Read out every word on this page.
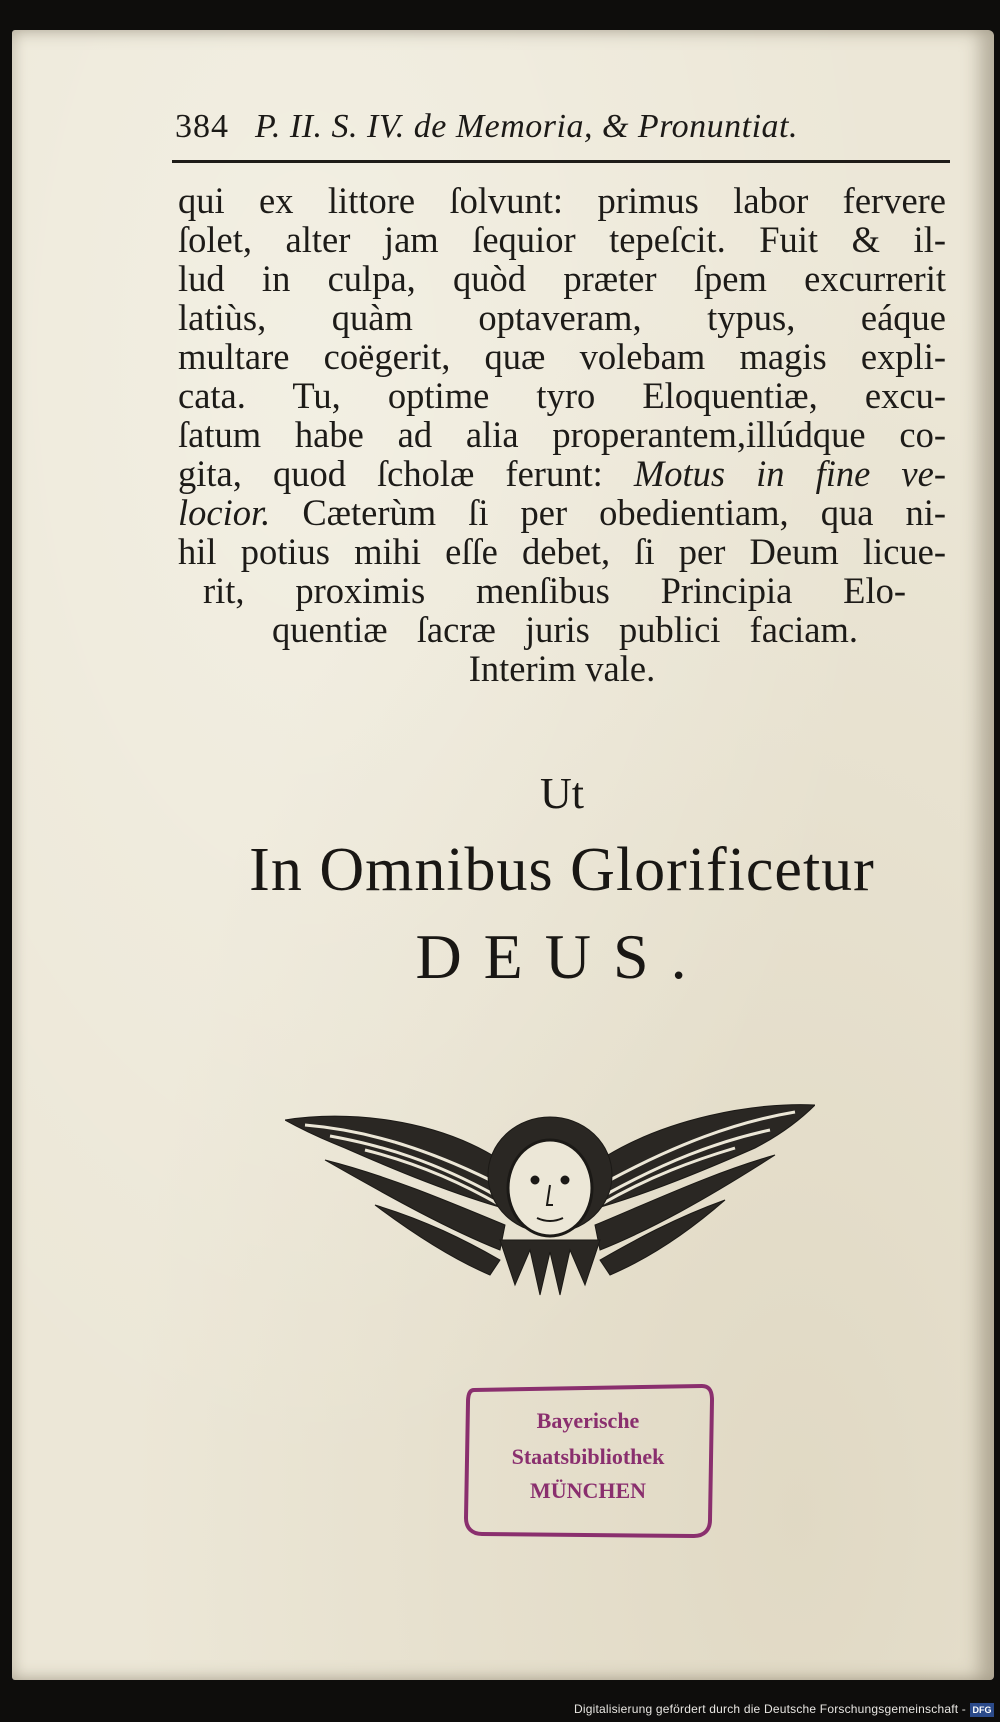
384 P. II. S. IV. de Memoria, & Pronuntiat.
qui ex littore ſolvunt: primus labor fervere
ſolet, alter jam ſequior tepeſcit. Fuit & il-
lud in culpa, quòd præter ſpem excurrerit
latiùs, quàm optaveram, typus, eáque
multare coëgerit, quæ volebam magis expli-
cata. Tu, optime tyro Eloquentiæ, excu-
ſatum habe ad alia properantem,illúdque co-
gita, quod ſcholæ ferunt: Motus in fine ve-
locior. Cæterùm ſi per obedientiam, qua ni-
hil potius mihi eſſe debet, ſi per Deum licue-
rit, proximis menſibus Principia Elo-
quentiæ ſacræ juris publici faciam.
Interim vale.
Ut
In Omnibus Glorificetur
DEUS.
Bayerische
Staatsbibliothek
MÜNCHEN
Digitalisierung gefördert durch die Deutsche Forschungsgemeinschaft - DFG
